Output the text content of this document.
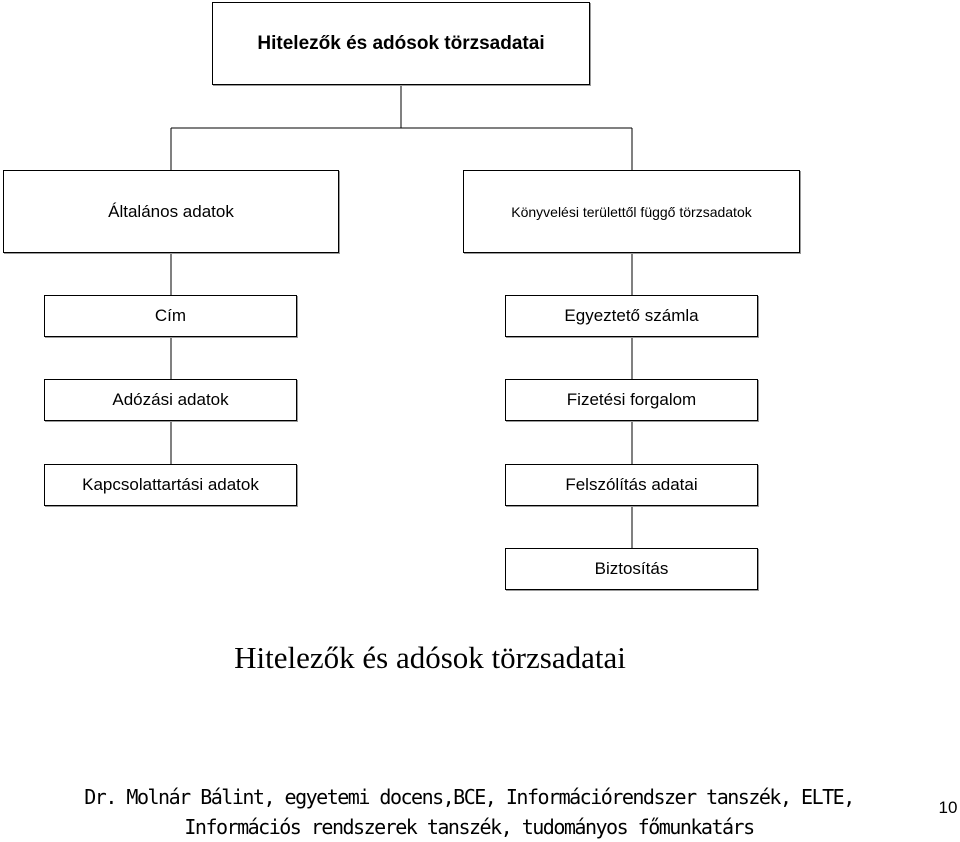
Hitelezők és adósok törzsadatai
Általános adatok	Könyvelési területtől függő törzsadatok
Cím
Adózási adatok
Kapcsolattartási adatok
Egyeztető számla
Fizetési forgalom
Felszólítás adatai
Biztosítás
Hitelezők és adósok törzsadatai
Dr. Molnár Bálint, egyetemi docens,BCE, Információrendszer tanszék, ELTE,
Információs rendszerek tanszék, tudományos főmunkatárs
10
